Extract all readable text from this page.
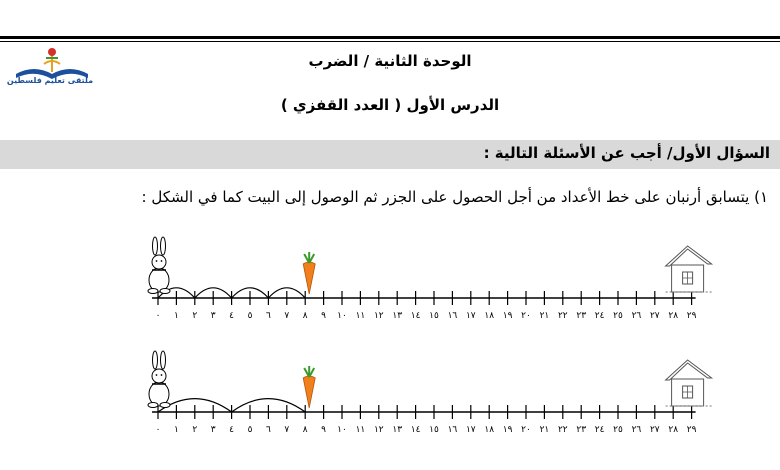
ملتقى تعليم فلسطين
الوحدة الثانية / الضرب
الدرس الأول ( العدد القفزي )
السؤال الأول/ أجب عن الأسئلة التالية :
١) يتسابق أرنبان على خط الأعداد من أجل الحصول على الجزر ثم الوصول إلى البيت كما في الشكل :
٠ ١ ٢ ٣ ٤ ٥ ٦ ٧ ٨ ٩ ١٠ ١١ ١٢ ١٣ ١٤ ١٥ ١٦ ١٧ ١٨ ١٩ ٢٠ ٢١ ٢٢ ٢٣ ٢٤ ٢٥ ٢٦ ٢٧ ٢٨ ٢٩
٠ ١ ٢ ٣ ٤ ٥ ٦ ٧ ٨ ٩ ١٠ ١١ ١٢ ١٣ ١٤ ١٥ ١٦ ١٧ ١٨ ١٩ ٢٠ ٢١ ٢٢ ٢٣ ٢٤ ٢٥ ٢٦ ٢٧ ٢٨ ٢٩
